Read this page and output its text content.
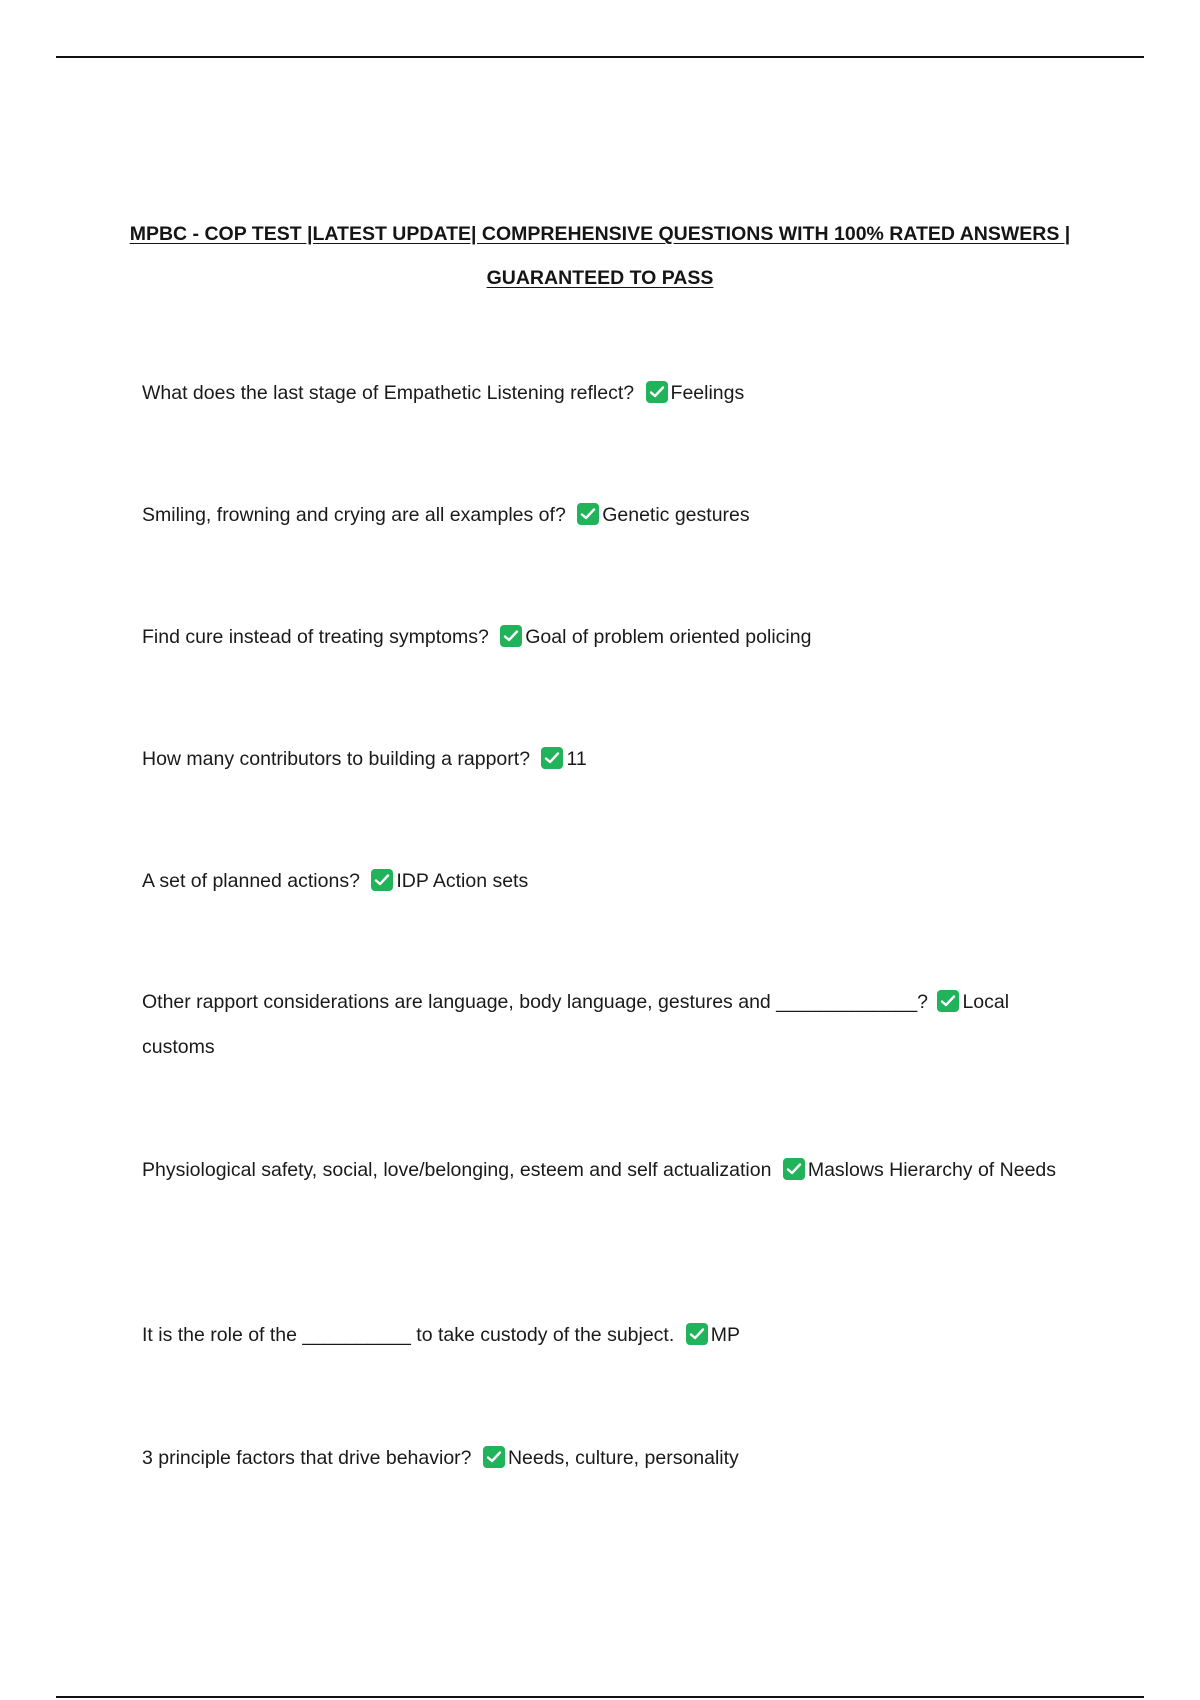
MPBC - COP TEST |LATEST UPDATE| COMPREHENSIVE QUESTIONS WITH 100% RATED ANSWERS | GUARANTEED TO PASS

What does the last stage of Empathetic Listening reflect? Feelings

Smiling, frowning and crying are all examples of? Genetic gestures

Find cure instead of treating symptoms? Goal of problem oriented policing

How many contributors to building a rapport? 11

A set of planned actions? IDP Action sets

Other rapport considerations are language, body language, gestures and _____________? Local customs

Physiological safety, social, love/belonging, esteem and self actualization Maslows Hierarchy of Needs

It is the role of the __________ to take custody of the subject. MP

3 principle factors that drive behavior? Needs, culture, personality
